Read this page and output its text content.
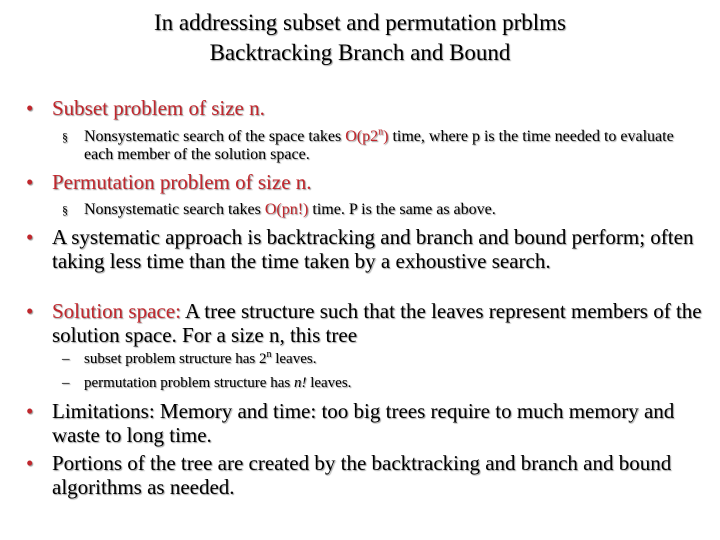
In addressing subset and permutation prblms
Backtracking Branch and Bound
• Subset problem of size n.
§ Nonsystematic search of the space takes O(p2$^n$) time, where p is the time needed to evaluate each member of the solution space.
• Permutation problem of size n.
§ Nonsystematic search takes O(pn!) time. P is the same as above.
• A systematic approach is backtracking and branch and bound perform; often taking less time than the time taken by a exhoustive search.
• Solution space: A tree structure such that the leaves represent members of the solution space. For a size n, this tree
– subset problem structure has 2$^n$ leaves.
– permutation problem structure has n! leaves.
• Limitations: Memory and time: too big trees require to much memory and waste to long time.
• Portions of the tree are created by the backtracking and branch and bound algorithms as needed.
